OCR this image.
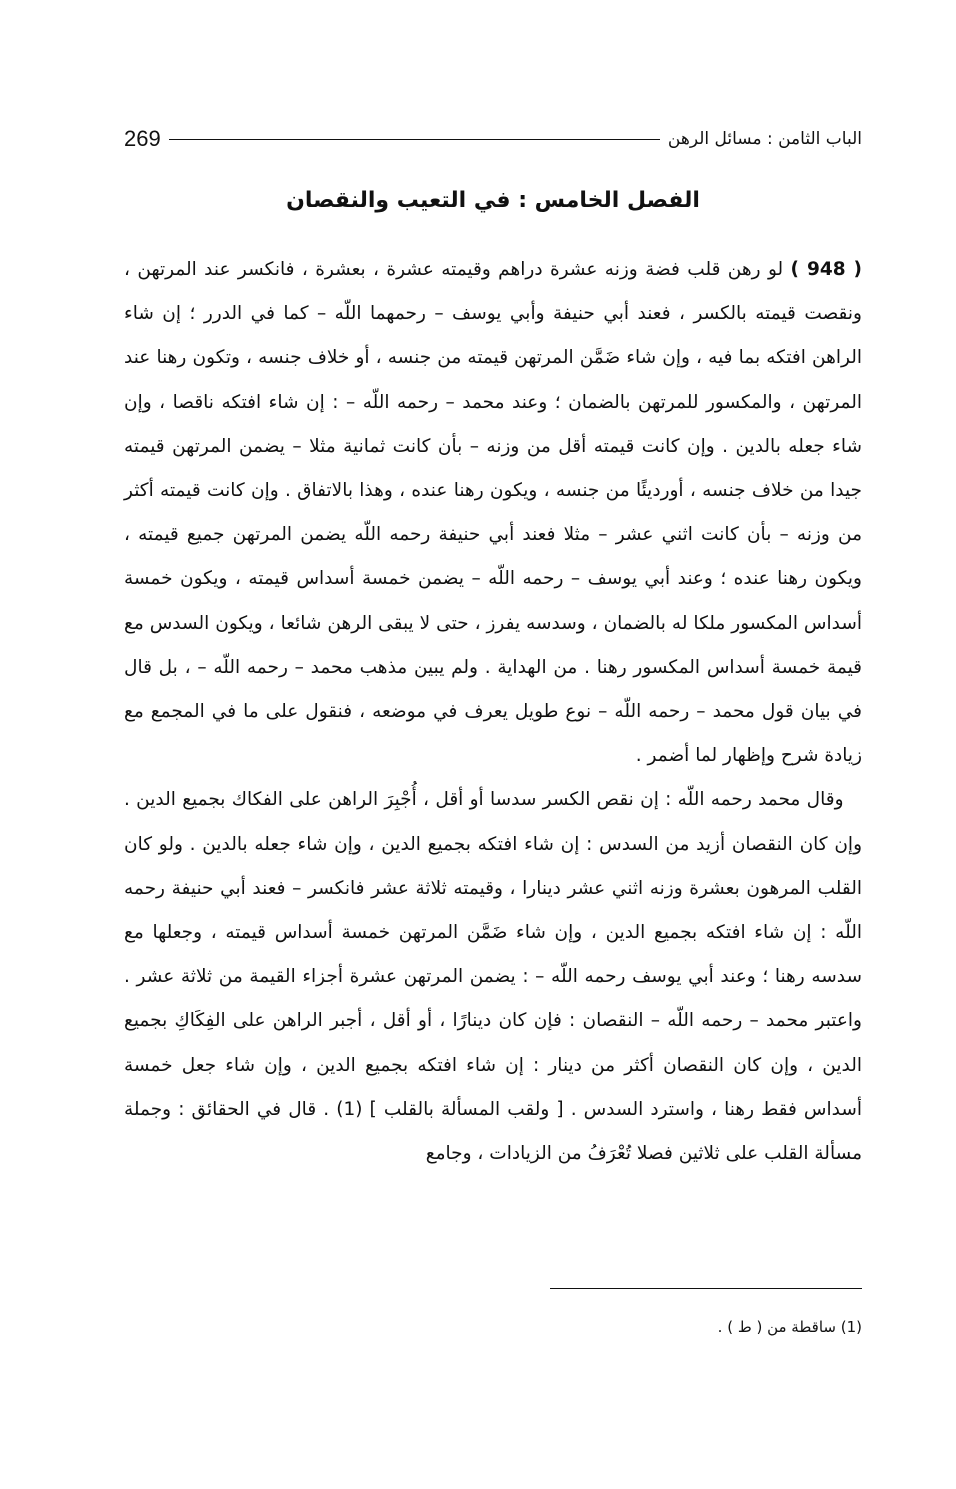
الباب الثامن : مسائل الرهن
269
الفصل الخامس : في التعيب والنقصان

( 948 ) لو رهن قلب فضة وزنه عشرة دراهم وقيمته عشرة ، بعشرة ، فانكسر عند المرتهن ، ونقصت قيمته بالكسر ، فعند أبي حنيفة وأبي يوسف – رحمهما اللّه – كما في الدرر ؛ إن شاء الراهن افتكه بما فيه ، وإن شاء ضَمَّن المرتهن قيمته من جنسه ، أو خلاف جنسه ، وتكون رهنا عند المرتهن ، والمكسور للمرتهن بالضمان ؛ وعند محمد – رحمه اللّه – : إن شاء افتكه ناقصا ، وإن شاء جعله بالدين . وإن كانت قيمته أقل من وزنه – بأن كانت ثمانية مثلا – يضمن المرتهن قيمته جيدا من خلاف جنسه ، أورديئًا من جنسه ، ويكون رهنا عنده ، وهذا بالاتفاق . وإن كانت قيمته أكثر من وزنه – بأن كانت اثني عشر – مثلا فعند أبي حنيفة رحمه اللّه يضمن المرتهن جميع قيمته ، ويكون رهنا عنده ؛ وعند أبي يوسف – رحمه اللّه – يضمن خمسة أسداس قيمته ، ويكون خمسة أسداس المكسور ملكا له بالضمان ، وسدسه يفرز ، حتى لا يبقى الرهن شائعا ، ويكون السدس مع قيمة خمسة أسداس المكسور رهنا . من الهداية . ولم يبين مذهب محمد – رحمه اللّه – ، بل قال في بيان قول محمد – رحمه اللّه – نوع طويل يعرف في موضعه ، فنقول على ما في المجمع مع زيادة شرح وإظهار لما أضمر .

 وقال محمد رحمه اللّه : إن نقص الكسر سدسا أو أقل ، أُجْبِرَ الراهن على الفكاك بجميع الدين . وإن كان النقصان أزيد من السدس : إن شاء افتكه بجميع الدين ، وإن شاء جعله بالدين . ولو كان القلب المرهون بعشرة وزنه اثني عشر دينارا ، وقيمته ثلاثة عشر فانكسر – فعند أبي حنيفة رحمه اللّه : إن شاء افتكه بجميع الدين ، وإن شاء ضَمَّن المرتهن خمسة أسداس قيمته ، وجعلها مع سدسه رهنا ؛ وعند أبي يوسف رحمه اللّه – : يضمن المرتهن عشرة أجزاء القيمة من ثلاثة عشر . واعتبر محمد – رحمه اللّه – النقصان : فإن كان دينارًا ، أو أقل ، أجبر الراهن على الفِكَاكِ بجميع الدين ، وإن كان النقصان أكثر من دينار : إن شاء افتكه بجميع الدين ، وإن شاء جعل خمسة أسداس فقط رهنا ، واسترد السدس . [ ولقب المسألة بالقلب ] (1) . قال في الحقائق : وجملة مسألة القلب على ثلاثين فصلا تُعْرَفُ من الزيادات ، وجامع

(1) ساقطة من ( ط ) .
